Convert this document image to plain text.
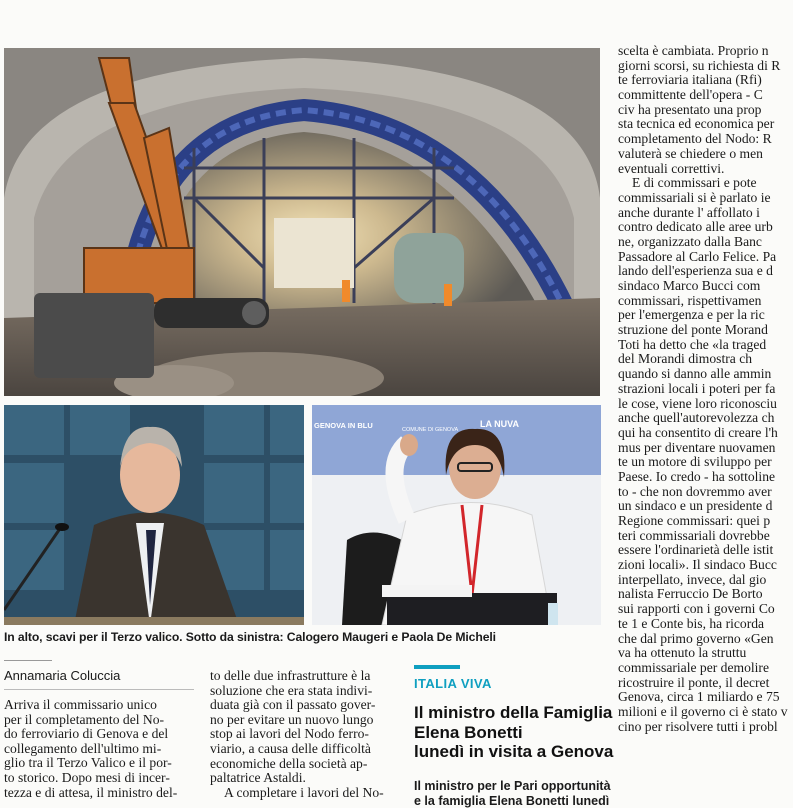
GENOVA IN BLU	COMUNE DI GENOVA
LA NUVA
In alto, scavi per il Terzo valico. Sotto da sinistra: Calogero Maugeri e Paola De Micheli
Annamaria Coluccia
Arriva il commissario unico
per il completamento del No-
do ferroviario di Genova e del
collegamento dell'ultimo mi-
glio tra il Terzo Valico e il por-
to storico. Dopo mesi di incer-
tezza e di attesa, il ministro del-
to delle due infrastrutture è la
soluzione che era stata indivi-
duata già con il passato gover-
no per evitare un nuovo lungo
stop ai lavori del Nodo ferro-
viario, a causa delle difficoltà
economiche della società ap-
paltatrice Astaldi.
A completare i lavori del No-
ITALIA VIVA
Il ministro della Famiglia
Elena Bonetti
lunedì in visita a Genova
Il ministro per le Pari opportunità
e la famiglia Elena Bonetti lunedì
scelta è cambiata. Proprio n
giorni scorsi, su richiesta di R
te ferroviaria italiana (Rfi)
committente dell'opera - C
civ ha presentato una prop
sta tecnica ed economica per
completamento del Nodo: R
valuterà se chiedere o men
eventuali correttivi.
E di commissari e pote
commissariali si è parlato ie
anche durante l' affollato i
contro dedicato alle aree urb
ne, organizzato dalla Banc
Passadore al Carlo Felice. Pa
lando dell'esperienza sua e d
sindaco Marco Bucci com
commissari, rispettivamen
per l'emergenza e per la ric
struzione del ponte Morand
Toti ha detto che «la traged
del Morandi dimostra ch
quando si danno alle ammin
strazioni locali i poteri per fa
le cose, viene loro riconosciu
anche quell'autorevolezza ch
qui ha consentito di creare l'h
mus per diventare nuovamen
te un motore di sviluppo per
Paese. Io credo - ha sottoline
to - che non dovremmo aver
un sindaco e un presidente d
Regione commissari: quei p
teri commissariali dovrebbe
essere l'ordinarietà delle istit
zioni locali». Il sindaco Bucc
interpellato, invece, dal gio
nalista Ferruccio De Borto
sui rapporti con i governi Co
te 1 e Conte bis, ha ricorda
che dal primo governo «Gen
va ha ottenuto la struttu
commissariale per demolire
ricostruire il ponte, il decret
Genova, circa 1 miliardo e 75
milioni e il governo ci è stato v
cino per risolvere tutti i probl
